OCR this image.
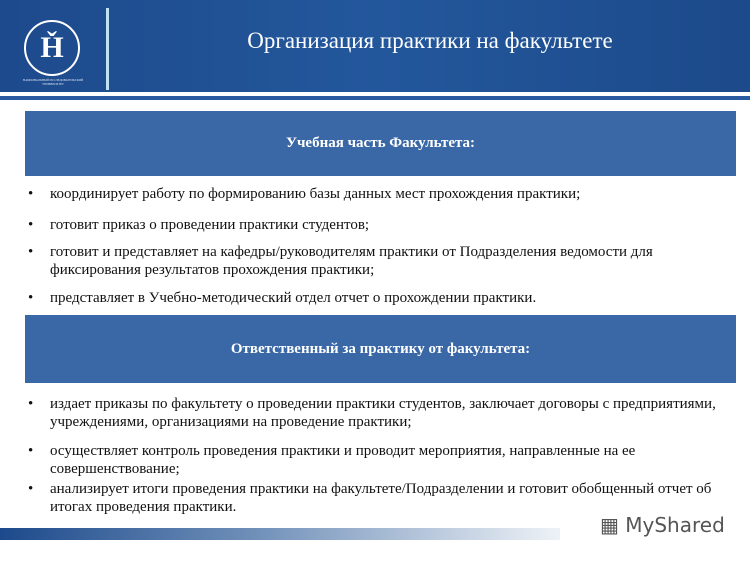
Ȟ
НАЦИОНАЛЬНЫЙ ИССЛЕДОВАТЕЛЬСКИЙ УНИВЕРСИТЕТ
Организация практики на факультете
Учебная часть Факультета:
• координирует работу по формированию базы данных мест прохождения практики;
• готовит приказ о проведении практики студентов;
• готовит и представляет на кафедры/руководителям практики от Подразделения ведомости для фиксирования результатов прохождения практики;
• представляет в Учебно-методический отдел отчет о прохождении практики.
Ответственный за практику от факультета:
• издает приказы по факультету о проведении практики студентов, заключает договоры с предприятиями, учреждениями, организациями на проведение практики;
• осуществляет контроль проведения практики и проводит мероприятия, направленные на ее совершенствование;
• анализирует итоги проведения практики на факультете/Подразделении и готовит обобщенный отчет об итогах проведения практики.
▦ MyShared
